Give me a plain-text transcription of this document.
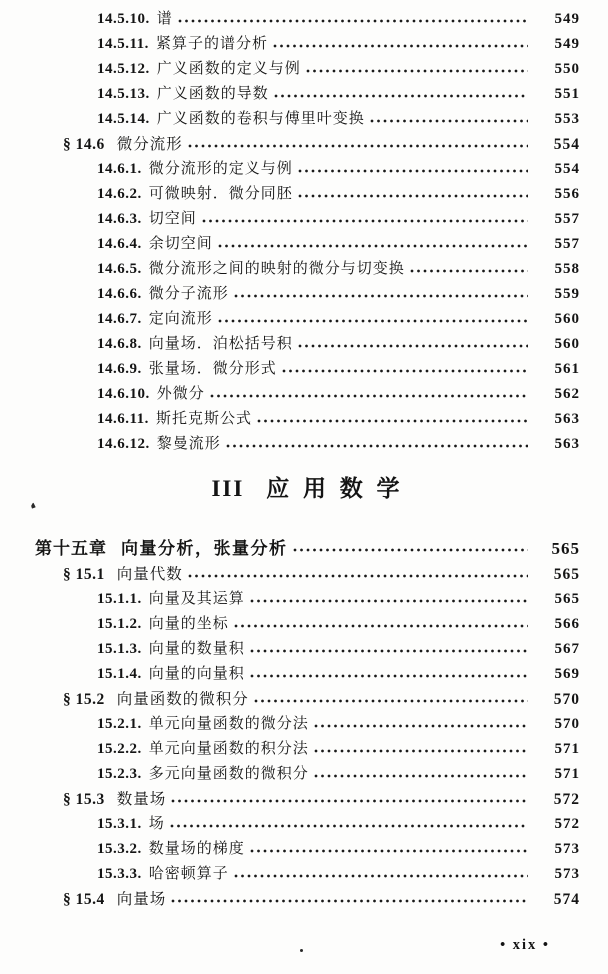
14.5.10. 谱	549
14.5.11. 紧算子的谱分析	549
14.5.12. 广义函数的定义与例	550
14.5.13. 广义函数的导数	551
14.5.14. 广义函数的卷积与傅里叶变换	553
§ 14.6 微分流形	554
14.6.1. 微分流形的定义与例	554
14.6.2. 可微映射．微分同胚	556
14.6.3. 切空间	557
14.6.4. 余切空间	557
14.6.5. 微分流形之间的映射的微分与切变换	558
14.6.6. 微分子流形	559
14.6.7. 定向流形	560
14.6.8. 向量场．泊松括号积	560
14.6.9. 张量场．微分形式	561
14.6.10. 外微分	562
14.6.11. 斯托克斯公式	563
14.6.12. 黎曼流形	563
III 应 用 数 学
第十五章 向量分析，张量分析	565
§ 15.1 向量代数	565
15.1.1. 向量及其运算	565
15.1.2. 向量的坐标	566
15.1.3. 向量的数量积	567
15.1.4. 向量的向量积	569
§ 15.2 向量函数的微积分	570
15.2.1. 单元向量函数的微分法	570
15.2.2. 单元向量函数的积分法	571
15.2.3. 多元向量函数的微积分	571
§ 15.3 数量场	572
15.3.1. 场	572
15.3.2. 数量场的梯度	573
15.3.3. 哈密顿算子	573
§ 15.4 向量场	574
• xix •
